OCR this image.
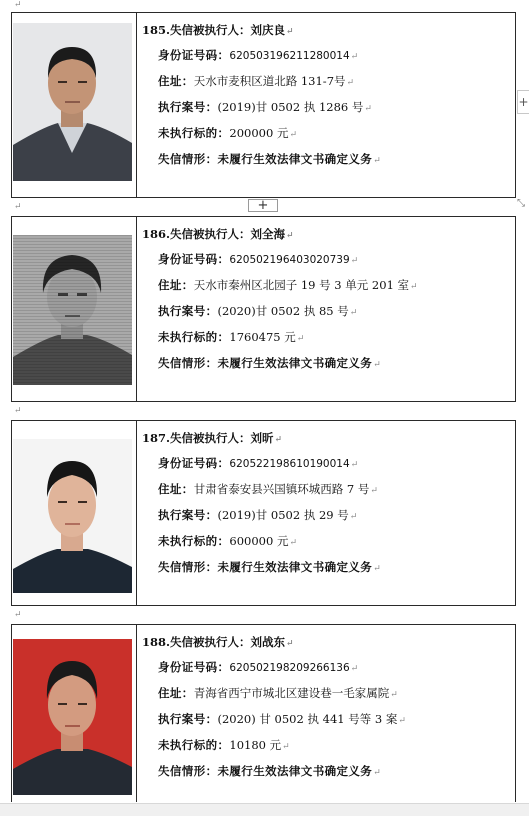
↵
↵
↵
↵
185.失信被执行人：刘庆良↵
身份证号码：620503196211280014↵
住址：天水市麦积区道北路 131-7号↵
执行案号：(2019)甘 0502 执 1286 号↵
未执行标的：200000 元↵
失信情形：未履行生效法律文书确定义务↵
186.失信被执行人：刘全海↵
身份证号码：620502196403020739↵
住址：天水市秦州区北园子 19 号 3 单元 201 室↵
执行案号：(2020)甘 0502 执 85 号↵
未执行标的：1760475 元↵
失信情形：未履行生效法律文书确定义务↵
187.失信被执行人：刘昕↵
身份证号码：620522198610190014↵
住址：甘肃省泰安县兴国镇环城西路 7 号↵
执行案号：(2019)甘 0502 执 29 号↵
未执行标的：600000 元↵
失信情形：未履行生效法律文书确定义务↵
188.失信被执行人：刘战东↵
身份证号码：620502198209266136↵
住址：青海省西宁市城北区建设巷一毛家属院↵
执行案号：(2020) 甘 0502 执 441 号等 3 案↵
未执行标的：10180 元↵
失信情形：未履行生效法律文书确定义务↵
+
+	⤡
